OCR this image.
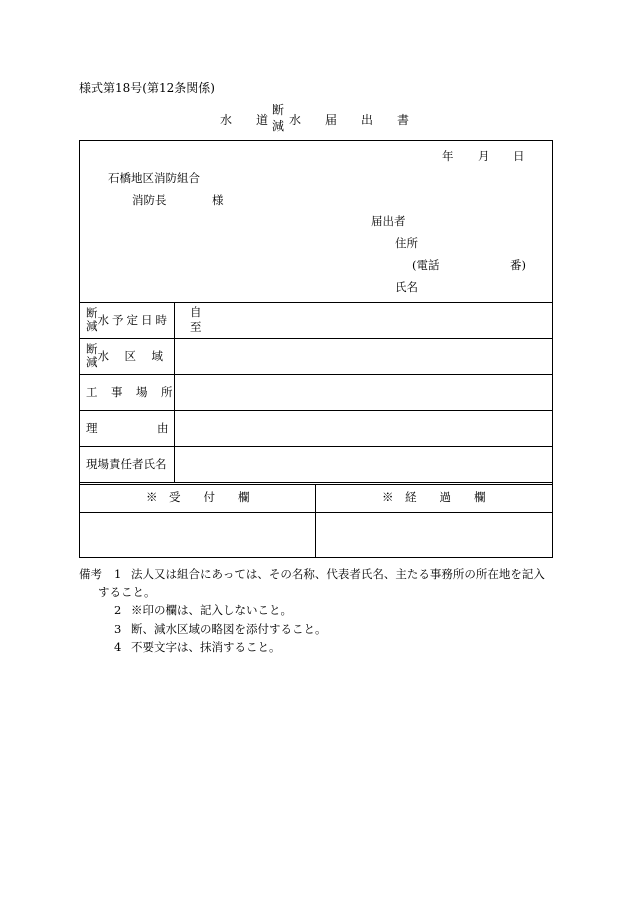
様式第18号(第12条関係)
水 道
断
減 水 届 出 書
年 月 日
石橋地区消防組合
消防長	様
届出者
住所
(電話	番)
氏名
断
減水予定日時
自
至
断
減水　区　域
工　事　場　所
理	由
現場責任者氏名
※　受　　付　　欄	※　経　　過　　欄
備考 1 法人又は組合にあっては、その名称、代表者氏名、主たる事務所の所在地を記入
すること。
2 ※印の欄は、記入しないこと。
3 断、減水区域の略図を添付すること。
4 不要文字は、抹消すること。
